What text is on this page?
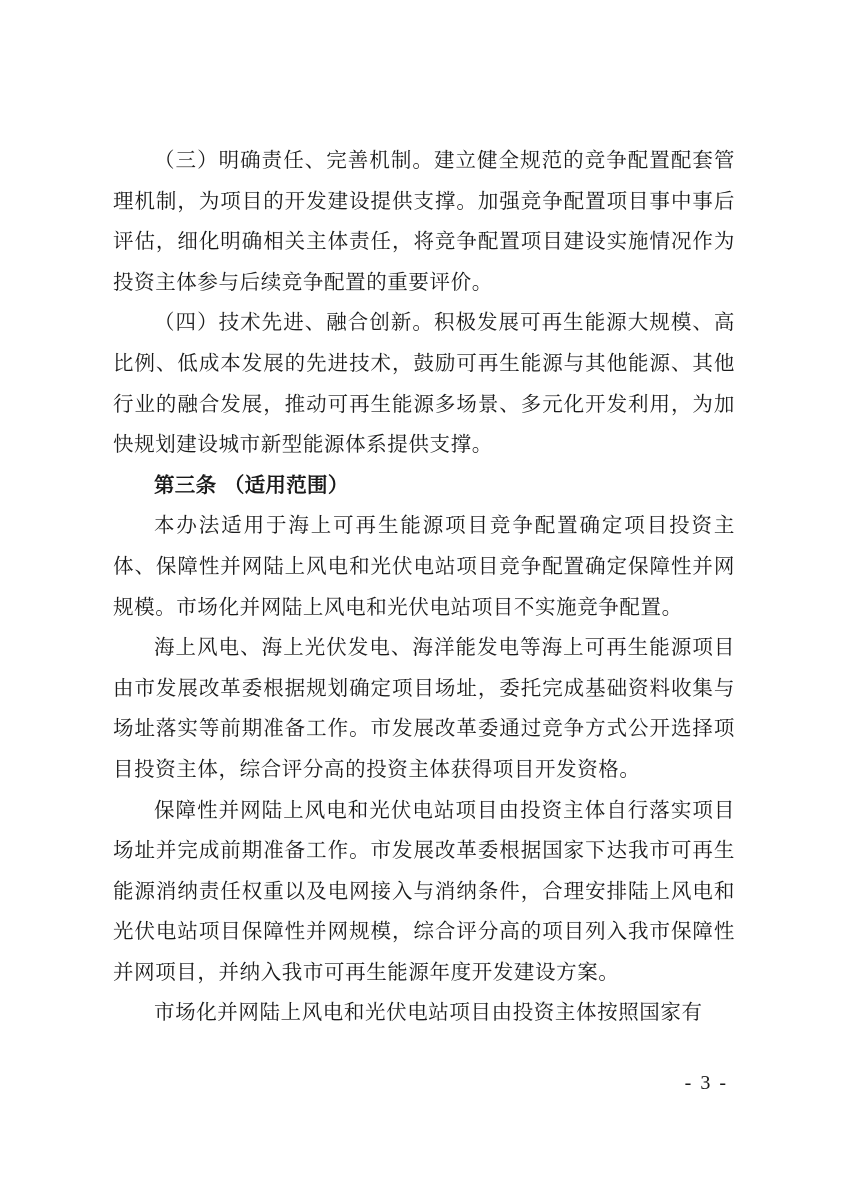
（三）明确责任、完善机制。建立健全规范的竞争配置配套管理机制，为项目的开发建设提供支撑。加强竞争配置项目事中事后评估，细化明确相关主体责任，将竞争配置项目建设实施情况作为投资主体参与后续竞争配置的重要评价。

（四）技术先进、融合创新。积极发展可再生能源大规模、高比例、低成本发展的先进技术，鼓励可再生能源与其他能源、其他行业的融合发展，推动可再生能源多场景、多元化开发利用，为加快规划建设城市新型能源体系提供支撑。

第三条 （适用范围）

本办法适用于海上可再生能源项目竞争配置确定项目投资主体、保障性并网陆上风电和光伏电站项目竞争配置确定保障性并网规模。市场化并网陆上风电和光伏电站项目不实施竞争配置。

海上风电、海上光伏发电、海洋能发电等海上可再生能源项目由市发展改革委根据规划确定项目场址，委托完成基础资料收集与场址落实等前期准备工作。市发展改革委通过竞争方式公开选择项目投资主体，综合评分高的投资主体获得项目开发资格。

保障性并网陆上风电和光伏电站项目由投资主体自行落实项目场址并完成前期准备工作。市发展改革委根据国家下达我市可再生能源消纳责任权重以及电网接入与消纳条件，合理安排陆上风电和光伏电站项目保障性并网规模，综合评分高的项目列入我市保障性并网项目，并纳入我市可再生能源年度开发建设方案。

市场化并网陆上风电和光伏电站项目由投资主体按照国家有

- 3 -
